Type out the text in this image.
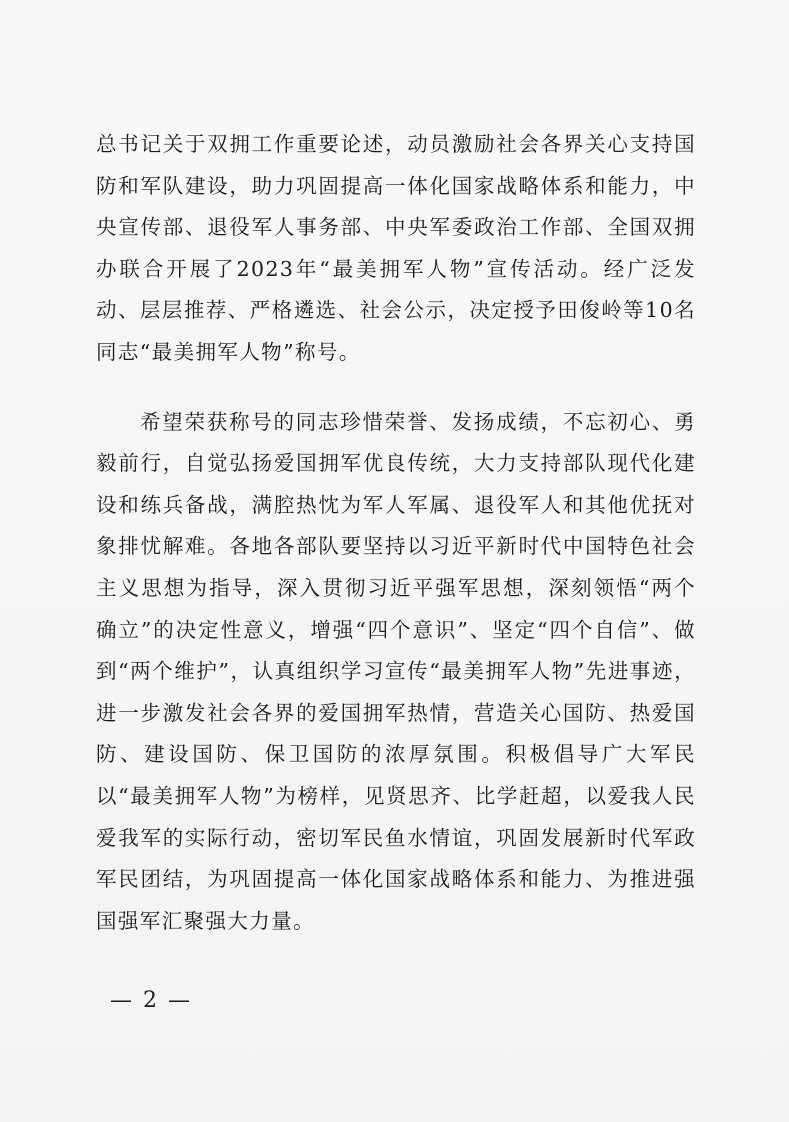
总书记关于双拥工作重要论述，动员激励社会各界关心支持国防和军队建设，助力巩固提高一体化国家战略体系和能力，中央宣传部、退役军人事务部、中央军委政治工作部、全国双拥办联合开展了2023年“最美拥军人物”宣传活动。经广泛发动、层层推荐、严格遴选、社会公示，决定授予田俊岭等10名同志“最美拥军人物”称号。

希望荣获称号的同志珍惜荣誉、发扬成绩，不忘初心、勇毅前行，自觉弘扬爱国拥军优良传统，大力支持部队现代化建设和练兵备战，满腔热忱为军人军属、退役军人和其他优抚对象排忧解难。各地各部队要坚持以习近平新时代中国特色社会主义思想为指导，深入贯彻习近平强军思想，深刻领悟“两个确立”的决定性意义，增强“四个意识”、坚定“四个自信”、做到“两个维护”，认真组织学习宣传“最美拥军人物”先进事迹，进一步激发社会各界的爱国拥军热情，营造关心国防、热爱国防、建设国防、保卫国防的浓厚氛围。积极倡导广大军民以“最美拥军人物”为榜样，见贤思齐、比学赶超，以爱我人民爱我军的实际行动，密切军民鱼水情谊，巩固发展新时代军政军民团结，为巩固提高一体化国家战略体系和能力、为推进强国强军汇聚强大力量。

— 2 —
